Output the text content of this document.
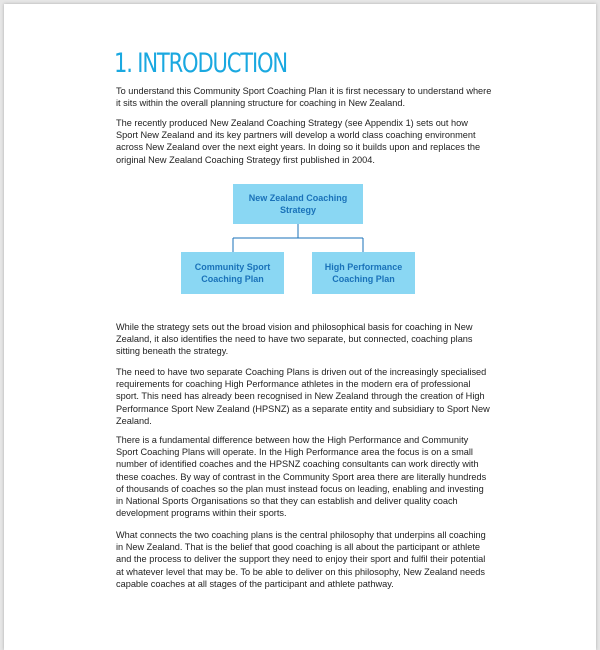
1. INTRODUCTION

To understand this Community Sport Coaching Plan it is first necessary to understand where it sits within the overall planning structure for coaching in New Zealand.

The recently produced New Zealand Coaching Strategy (see Appendix 1) sets out how Sport New Zealand and its key partners will develop a world class coaching environment across New Zealand over the next eight years. In doing so it builds upon and replaces the original New Zealand Coaching Strategy first published in 2004.

New Zealand Coaching Strategy
Community Sport Coaching Plan
High Performance Coaching Plan

While the strategy sets out the broad vision and philosophical basis for coaching in New Zealand, it also identifies the need to have two separate, but connected, coaching plans sitting beneath the strategy.

The need to have two separate Coaching Plans is driven out of the increasingly specialised requirements for coaching High Performance athletes in the modern era of professional sport. This need has already been recognised in New Zealand through the creation of High Performance Sport New Zealand (HPSNZ) as a separate entity and subsidiary to Sport New Zealand.

There is a fundamental difference between how the High Performance and Community Sport Coaching Plans will operate. In the High Performance area the focus is on a small number of identified coaches and the HPSNZ coaching consultants can work directly with these coaches. By way of contrast in the Community Sport area there are literally hundreds of thousands of coaches so the plan must instead focus on leading, enabling and investing in National Sports Organisations so that they can establish and deliver quality coach development programs within their sports.

What connects the two coaching plans is the central philosophy that underpins all coaching in New Zealand. That is the belief that good coaching is all about the participant or athlete and the process to deliver the support they need to enjoy their sport and fulfil their potential at whatever level that may be. To be able to deliver on this philosophy, New Zealand needs capable coaches at all stages of the participant and athlete pathway.
